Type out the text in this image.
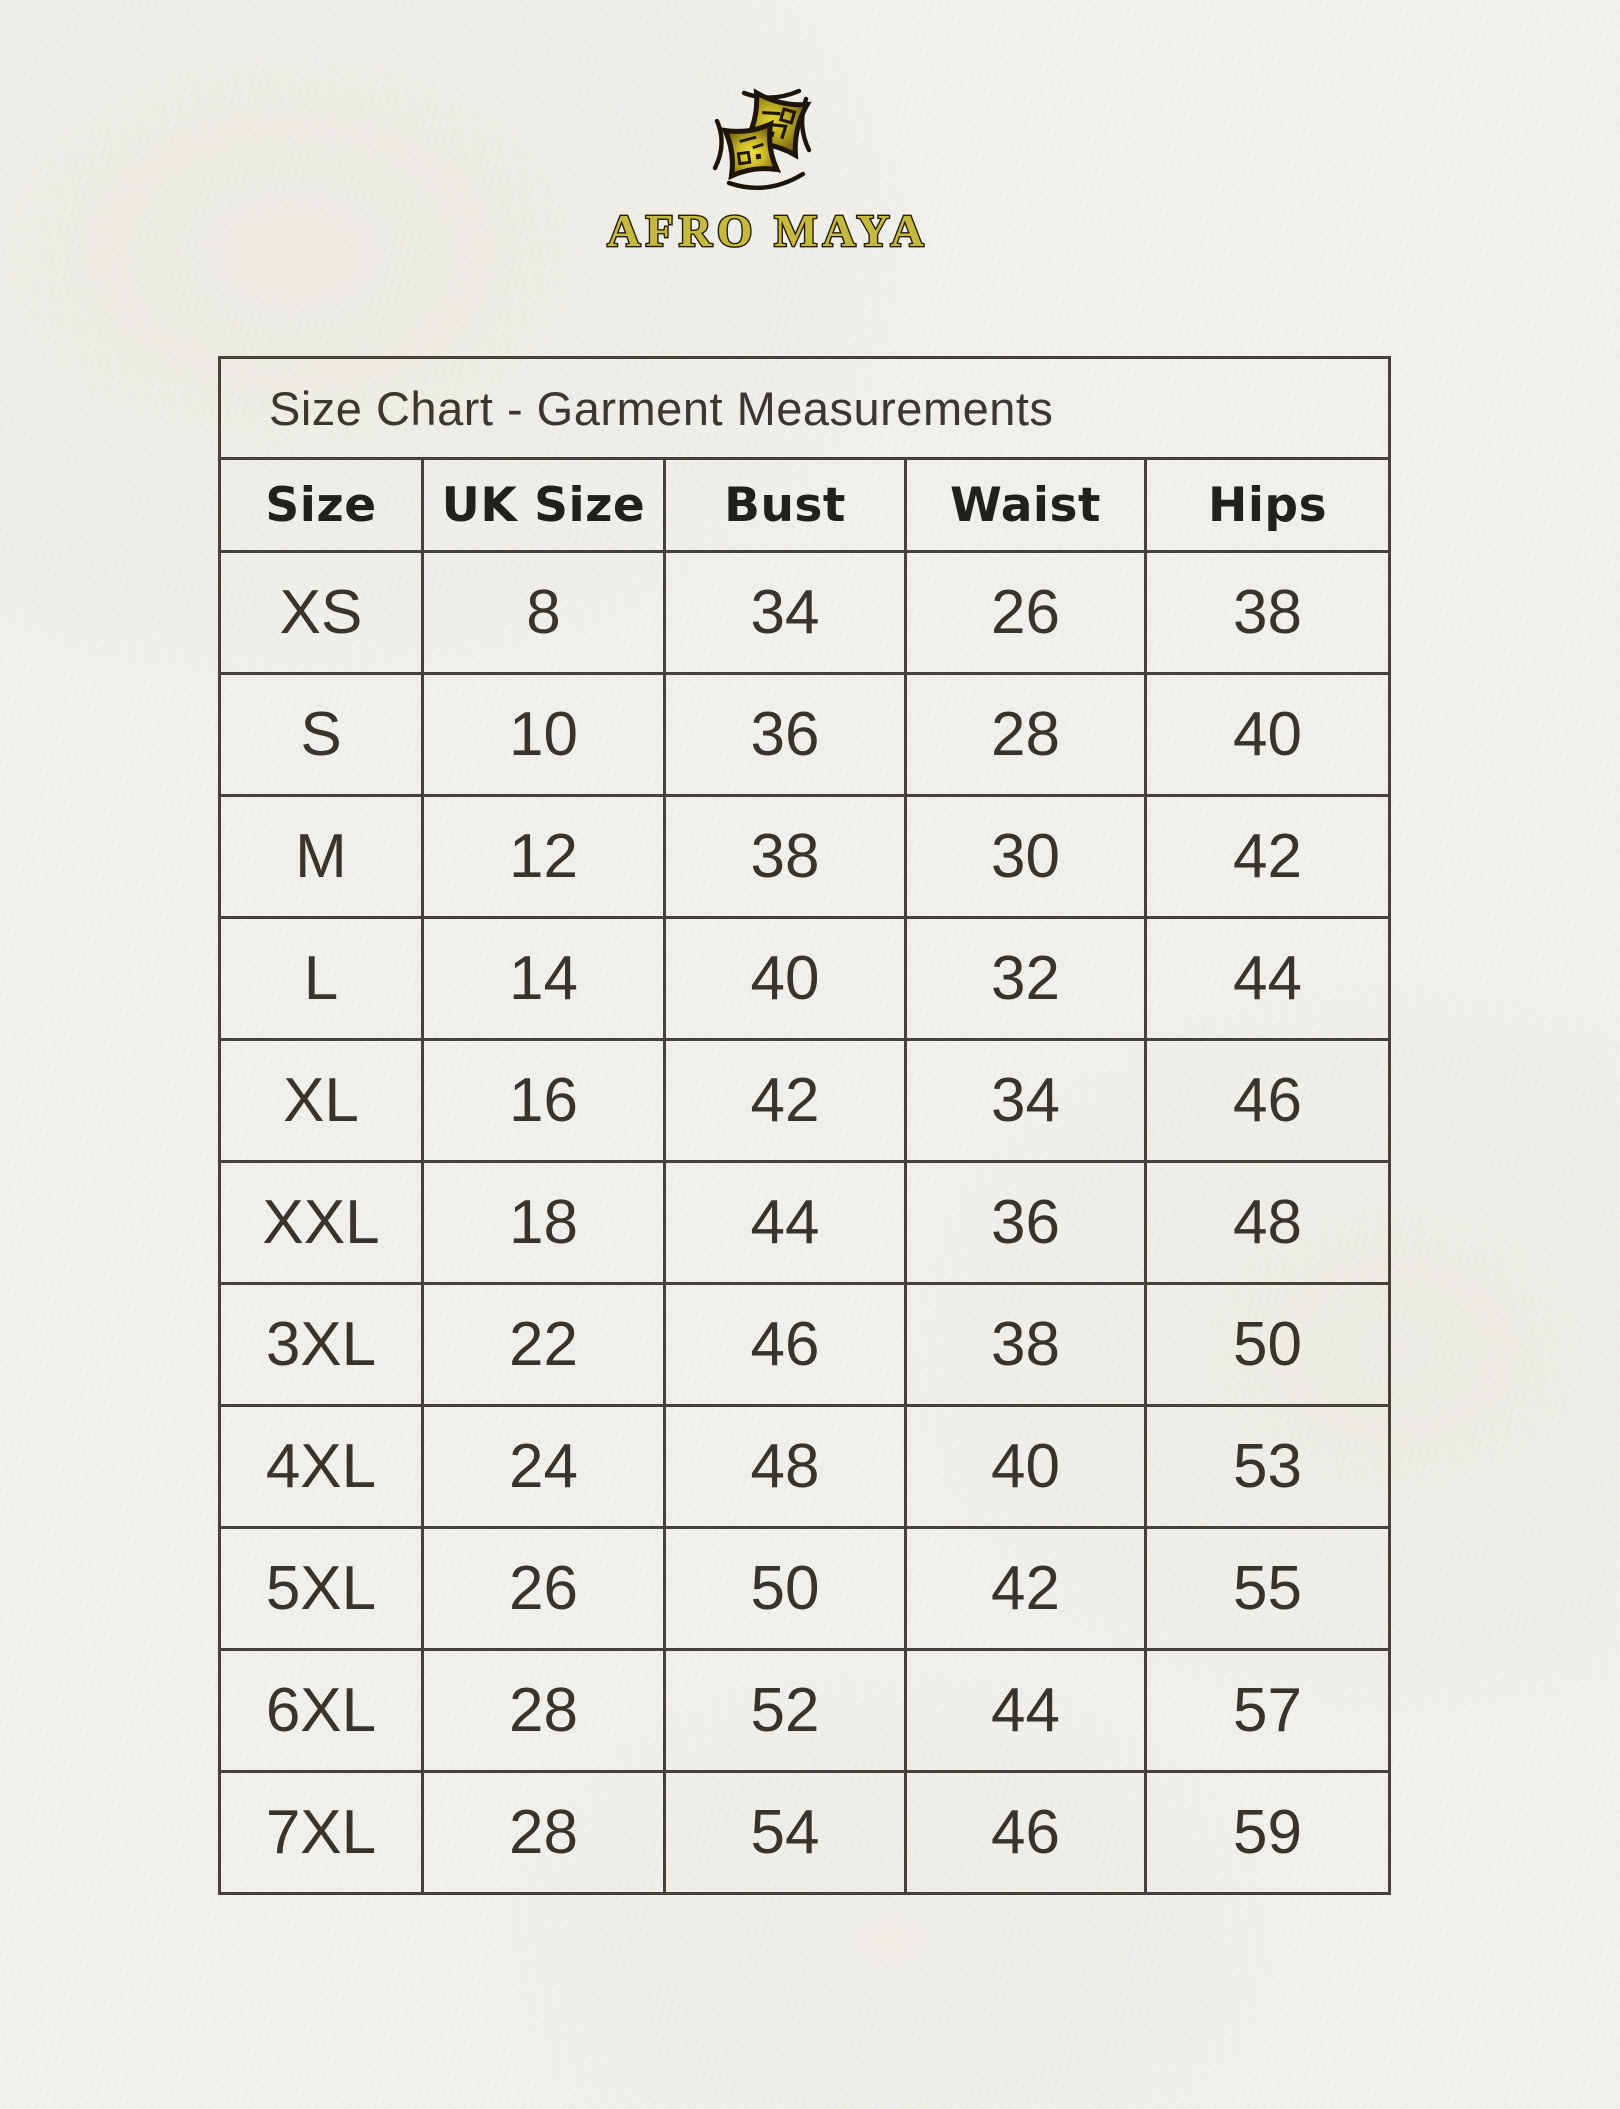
AFRO MAYA
Size Chart - Garment Measurements				
Size	UK Size	Bust	Waist	Hips
XS	8	34	26	38
S	10	36	28	40
M	12	38	30	42
L	14	40	32	44
XL	16	42	34	46
XXL	18	44	36	48
3XL	22	46	38	50
4XL	24	48	40	53
5XL	26	50	42	55
6XL	28	52	44	57
7XL	28	54	46	59
